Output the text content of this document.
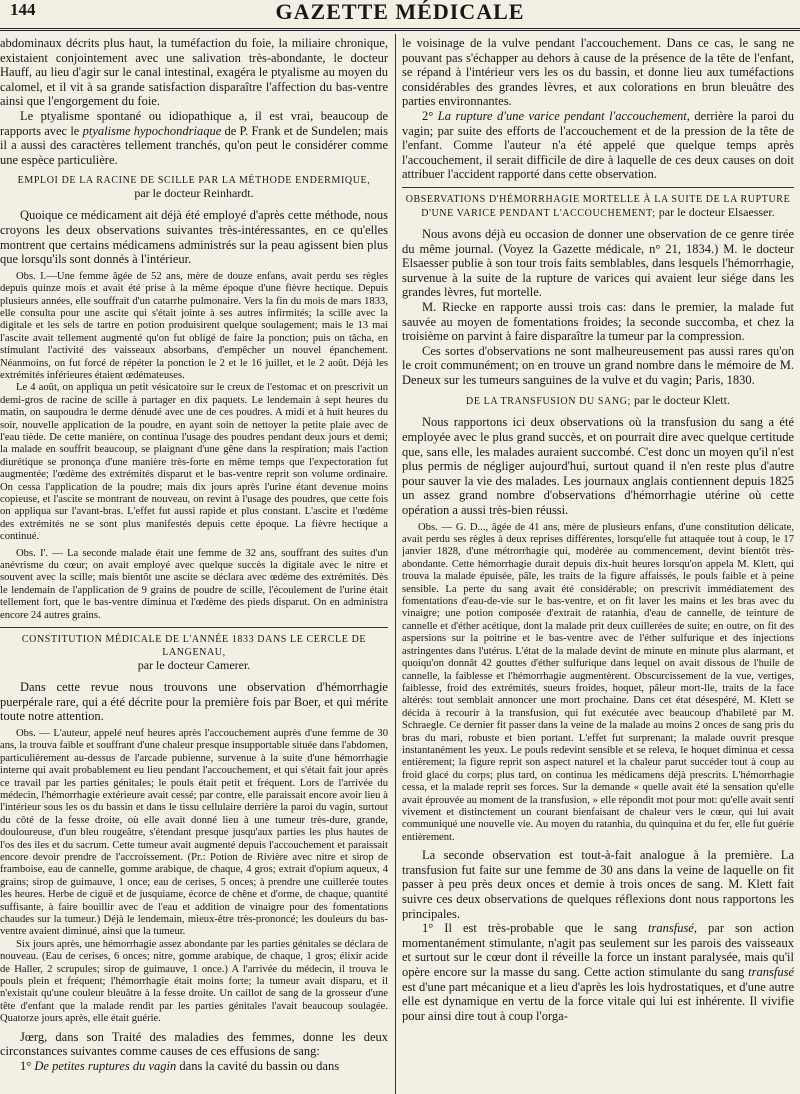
144	GAZETTE MÉDICALE

abdominaux décrits plus haut, la tuméfaction du foie, la miliaire chronique, existaient conjointement avec une salivation très-abondante, le docteur Hauff, au lieu d'agir sur le canal intestinal, exagéra le ptyalisme au moyen du calomel, et il vit à sa grande satisfaction disparaître l'affection du bas-ventre ainsi que l'engorgement du foie.

Le ptyalisme spontané ou idiopathique a, il est vrai, beaucoup de rapports avec le ptyalisme hypochondriaque de P. Frank et de Sundelen; mais il a aussi des caractères tellement tranchés, qu'on peut le considérer comme une espèce particulière.

EMPLOI DE LA RACINE DE SCILLE PAR LA MÉTHODE ENDERMIQUE,
par le docteur Reinhardt.

Quoique ce médicament ait déjà été employé d'après cette méthode, nous croyons les deux observations suivantes très-intéressantes, en ce qu'elles montrent que certains médicamens administrés sur la peau agissent bien plus que lorsqu'ils sont donnés à l'intérieur.

Obs. I.—Une femme âgée de 52 ans, mère de douze enfans, avait perdu ses règles depuis quinze mois et avait été prise à la même époque d'une fièvre hectique. Depuis plusieurs années, elle souffrait d'un catarrhe pulmonaire. Vers la fin du mois de mars 1833, elle consulta pour une ascite qui s'était jointe à ses autres infirmités; la scille avec la digitale et les sels de tartre en potion produisirent quelque soulagement; mais le 13 mai l'ascite avait tellement augmenté qu'on fut obligé de faire la ponction; puis on tâcha, en stimulant l'activité des vaisseaux absorbans, d'empêcher un nouvel épanchement. Néanmoins, on fut forcé de répéter la ponction le 2 et le 16 juillet, et le 2 août. Déjà les extrémités inférieures étaient œdémateuses.

Le 4 août, on appliqua un petit vésicatoire sur le creux de l'estomac et on prescrivit un demi-gros de racine de scille à partager en dix paquets. Le lendemain à sept heures du matin, on saupoudra le derme dénudé avec une de ces poudres. A midi et à huit heures du soir, nouvelle application de la poudre, en ayant soin de nettoyer la petite plaie avec de l'eau tiède. De cette manière, on continua l'usage des poudres pendant deux jours et demi; la malade en souffrit beaucoup, se plaignant d'une gêne dans la respiration; mais l'action diurétique se prononça d'une manière très-forte en même temps que l'expectoration fut augmentée; l'œdème des extrémités disparut et le bas-ventre reprit son volume ordinaire. On cessa l'application de la poudre; mais dix jours après l'urine étant devenue moins copieuse, et l'ascite se montrant de nouveau, on revint à l'usage des poudres, que cette fois on appliqua sur l'avant-bras. L'effet fut aussi rapide et plus constant. L'ascite et l'œdème des extrémités ne se sont plus manifestés depuis cette époque. La fièvre hectique a continué.

Obs. I'. — La seconde malade était une femme de 32 ans, souffrant des suites d'un anévrisme du cœur; on avait employé avec quelque succès la digitale avec le nitre et souvent avec la scille; mais bientôt une ascite se déclara avec œdème des extrémités. Dès le lendemain de l'application de 9 grains de poudre de scille, l'écoulement de l'urine était tellement fort, que le bas-ventre diminua et l'œdème des pieds disparut. On en administra encore 24 autres grains.

CONSTITUTION MÉDICALE DE L'ANNÉE 1833 DANS LE CERCLE DE LANGENAU,
par le docteur Camerer.

Dans cette revue nous trouvons une observation d'hémorrhagie puerpérale rare, qui a été décrite pour la première fois par Boer, et qui mérite toute notre attention.

Obs. — L'auteur, appelé neuf heures après l'accouchement auprès d'une femme de 30 ans, la trouva faible et souffrant d'une chaleur presque insupportable située dans l'abdomen, particulièrement au-dessus de l'arcade pubienne, survenue à la suite d'une hémorrhagie interne qui avait probablement eu lieu pendant l'accouchement, et qui s'était fait jour après ce travail par les parties génitales; le pouls était petit et fréquent. Lors de l'arrivée du médecin, l'hémorrhagie extérieure avait cessé; par contre, elle paraissait encore avoir lieu à l'intérieur sous les os du bassin et dans le tissu cellulaire derrière la paroi du vagin, surtout du côté de la fesse droite, où elle avait donné lieu à une tumeur très-dure, grande, douloureuse, d'un bleu rougeâtre, s'étendant presque jusqu'aux parties les plus hautes de l'os des iles et du sacrum. Cette tumeur avait augmenté depuis l'accouchement et paraissait encore devoir prendre de l'accroissement. (Pr.: Potion de Rivière avec nitre et sirop de framboise, eau de cannelle, gomme arabique, de chaque, 4 gros; extrait d'opium aqueux, 4 grains; sirop de guimauve, 1 once; eau de cerises, 5 onces; à prendre une cuillerée toutes les heures. Herbe de ciguë et de jusquiame, écorce de chêne et d'orme, de chaque, quantité suffisante, à faire bouillir avec de l'eau et addition de vinaigre pour des fomentations chaudes sur la tumeur.) Déjà le lendemain, mieux-être très-prononcé; les douleurs du bas-ventre avaient diminué, ainsi que la tumeur.

Six jours après, une hémorrhagie assez abondante par les parties génitales se déclara de nouveau. (Eau de cerises, 6 onces; nitre, gomme arabique, de chaque, 1 gros; élixir acide de Haller, 2 scrupules; sirop de guimauve, 1 once.) A l'arrivée du médecin, il trouva le pouls plein et fréquent; l'hémorrhagie était moins forte; la tumeur avait disparu, et il n'existait qu'une couleur bleuâtre à la fesse droite. Un caillot de sang de la grosseur d'une tête d'enfant que la malade rendit par les parties génitales l'avait beaucoup soulagée. Quatorze jours après, elle était guérie.

Jœrg, dans son Traité des maladies des femmes, donne les deux circonstances suivantes comme causes de ces effusions de sang:

1° De petites ruptures du vagin dans la cavité du bassin ou dans

le voisinage de la vulve pendant l'accouchement. Dans ce cas, le sang ne pouvant pas s'échapper au dehors à cause de la présence de la tête de l'enfant, se répand à l'intérieur vers les os du bassin, et donne lieu aux tuméfactions considérables des grandes lèvres, et aux colorations en brun bleuâtre des parties environnantes.

2° La rupture d'une varice pendant l'accouchement, derrière la paroi du vagin; par suite des efforts de l'accouchement et de la pression de la tête de l'enfant. Comme l'auteur n'a été appelé que quelque temps après l'accouchement, il serait difficile de dire à laquelle de ces deux causes on doit attribuer l'accident rapporté dans cette observation.

OBSERVATIONS D'HÉMORRHAGIE MORTELLE À LA SUITE DE LA RUPTURE D'UNE VARICE PENDANT L'ACCOUCHEMENT; par le docteur Elsaesser.

Nous avons déjà eu occasion de donner une observation de ce genre tirée du même journal. (Voyez la Gazette médicale, n° 21, 1834.) M. le docteur Elsaesser publie à son tour trois faits semblables, dans lesquels l'hémorrhagie, survenue à la suite de la rupture de varices qui avaient leur siége dans les grandes lèvres, fut mortelle.

M. Riecke en rapporte aussi trois cas: dans le premier, la malade fut sauvée au moyen de fomentations froides; la seconde succomba, et chez la troisième on parvint à faire disparaître la tumeur par la compression.

Ces sortes d'observations ne sont malheureusement pas aussi rares qu'on le croit communément; on en trouve un grand nombre dans le mémoire de M. Deneux sur les tumeurs sanguines de la vulve et du vagin; Paris, 1830.

DE LA TRANSFUSION DU SANG; par le docteur Klett.

Nous rapportons ici deux observations où la transfusion du sang a été employée avec le plus grand succès, et on pourrait dire avec quelque certitude que, sans elle, les malades auraient succombé. C'est donc un moyen qu'il n'est plus permis de négliger aujourd'hui, surtout quand il n'en reste plus d'autre pour sauver la vie des malades. Les journaux anglais contiennent depuis 1825 un assez grand nombre d'observations d'hémorrhagie utérine où cette opération a aussi très-bien réussi.

Obs. — G. D..., âgée de 41 ans, mère de plusieurs enfans, d'une constitution délicate, avait perdu ses règles à deux reprises différentes, lorsqu'elle fut attaquée tout à coup, le 17 janvier 1828, d'une métrorrhagie qui, modérée au commencement, devint bientôt très-abondante. Cette hémorrhagie durait depuis dix-huit heures lorsqu'on appela M. Klett, qui trouva la malade épuisée, pâle, les traits de la figure affaissés, le pouls faible et à peine sensible. La perte du sang avait été considérable; on prescrivit immédiatement des fomentations d'eau-de-vie sur le bas-ventre, et on fit laver les mains et les bras avec du vinaigre; une potion composée d'extrait de ratanhia, d'eau de cannelle, de teinture de cannelle et d'éther acétique, dont la malade prit deux cuillerées de suite; en outre, on fit des aspersions sur la poitrine et le bas-ventre avec de l'éther sulfurique et des injections astringentes dans l'utérus. L'état de la malade devint de minute en minute plus alarmant, et quoiqu'on donnât 42 gouttes d'éther sulfurique dans lequel on avait dissous de l'huile de cannelle, la faiblesse et l'hémorrhagie augmentèrent. Obscurcissement de la vue, vertiges, faiblesse, froid des extrémités, sueurs froides, hoquet, pâleur mort-lle, traits de la face altérés: tout semblait annoncer une mort prochaine. Dans cet état désespéré, M. Klett se décida à recourir à la transfusion, qui fut exécutée avec beaucoup d'habileté par M. Schraegle. Ce dernier fit passer dans la veine de la malade au moins 2 onces de sang pris du bras du mari, robuste et bien portant. L'effet fut surprenant; la malade ouvrit presque instantanément les yeux. Le pouls redevint sensible et se releva, le hoquet diminua et cessa entièrement; la figure reprit son aspect naturel et la chaleur parut succéder tout à coup au froid glacé du corps; plus tard, on continua les médicamens déjà prescrits. L'hémorrhagie cessa, et la malade reprit ses forces. Sur la demande « quelle avait été la sensation qu'elle avait éprouvée au moment de la transfusion, » elle répondit mot pour mot: qu'elle avait senti vivement et distinctement un courant bienfaisant de chaleur vers le cœur, qui lui avait communiqué une nouvelle vie. Au moyen du ratanhia, du quinquina et du fer, elle fut guérie entièrement.

La seconde observation est tout-à-fait analogue à la première. La transfusion fut faite sur une femme de 30 ans dans la veine de laquelle on fit passer à peu près deux onces et demie à trois onces de sang. M. Klett fait suivre ces deux observations de quelques réflexions dont nous rapportons les principales.

1° Il est très-probable que le sang transfusé, par son action momentanément stimulante, n'agit pas seulement sur les parois des vaisseaux et surtout sur le cœur dont il réveille la force un instant paralysée, mais qu'il opère encore sur la masse du sang. Cette action stimulante du sang transfusé est d'une part mécanique et a lieu d'après les lois hydrostatiques, et d'une autre elle est dynamique en vertu de la force vitale qui lui est inhérente. Il vivifie pour ainsi dire tout à coup l'orga-
